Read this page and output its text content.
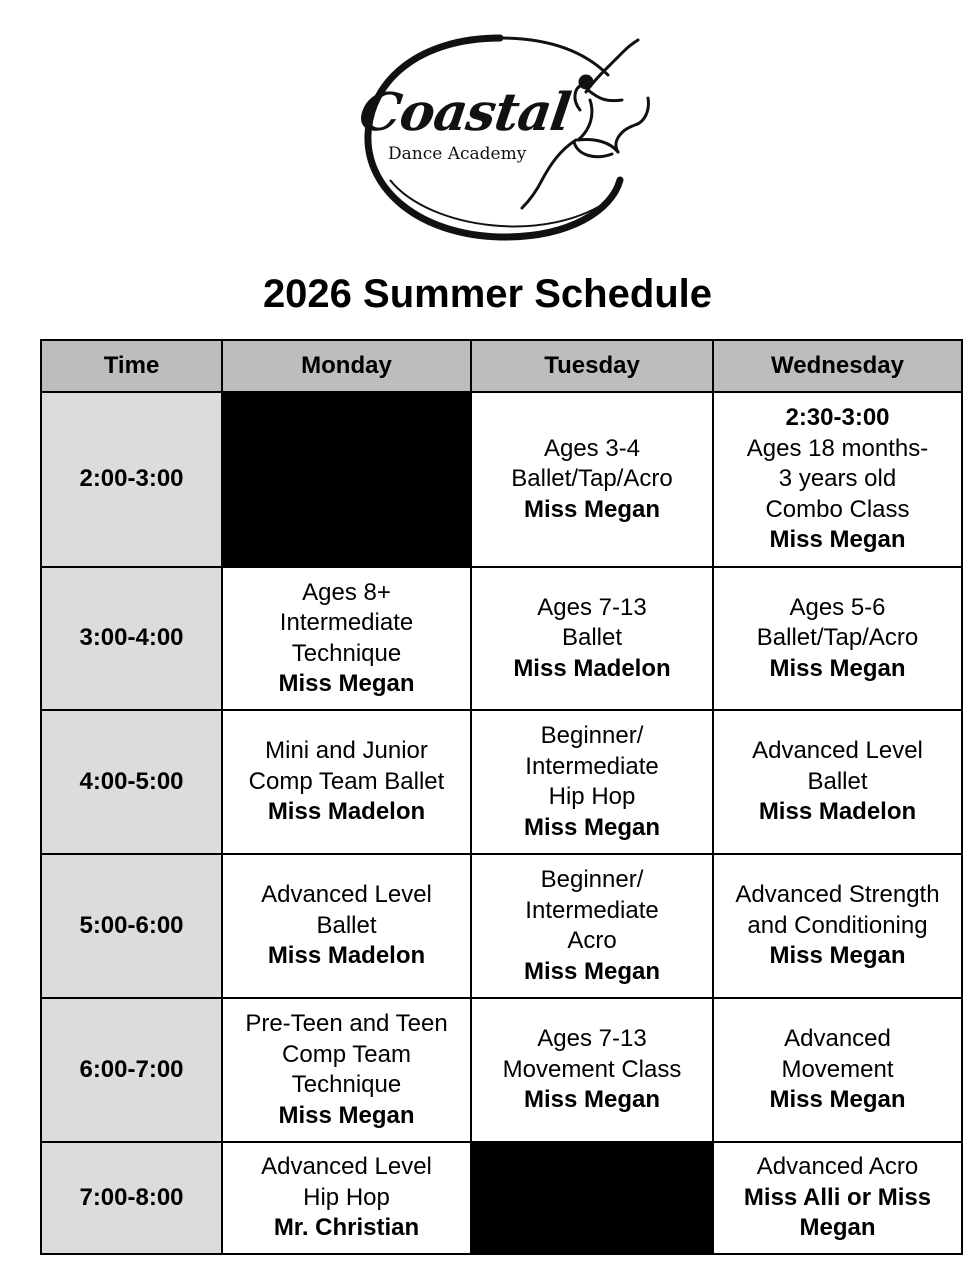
Coastal
Dance Academy
2026 Summer Schedule
Time	Monday	Tuesday	Wednesday
2:00-3:00		Ages 3-4
Ballet/Tap/Acro
Miss Megan	2:30-3:00
Ages 18 months-
3 years old
Combo Class
Miss Megan

3:00-4:00	Ages 8+
Intermediate
Technique
Miss Megan	Ages 7-13
Ballet
Miss Madelon	Ages 5-6
Ballet/Tap/Acro
Miss Megan

4:00-5:00	Mini and Junior
Comp Team Ballet
Miss Madelon	Beginner/
Intermediate
Hip Hop
Miss Megan	Advanced Level
Ballet
Miss Madelon

5:00-6:00	Advanced Level
Ballet
Miss Madelon	Beginner/
Intermediate
Acro
Miss Megan	Advanced Strength
and Conditioning
Miss Megan

6:00-7:00	Pre-Teen and Teen
Comp Team
Technique
Miss Megan	Ages 7-13
Movement Class
Miss Megan	Advanced
Movement
Miss Megan

7:00-8:00	Advanced Level
Hip Hop
Mr. Christian		Advanced Acro
Miss Alli or Miss
Megan
